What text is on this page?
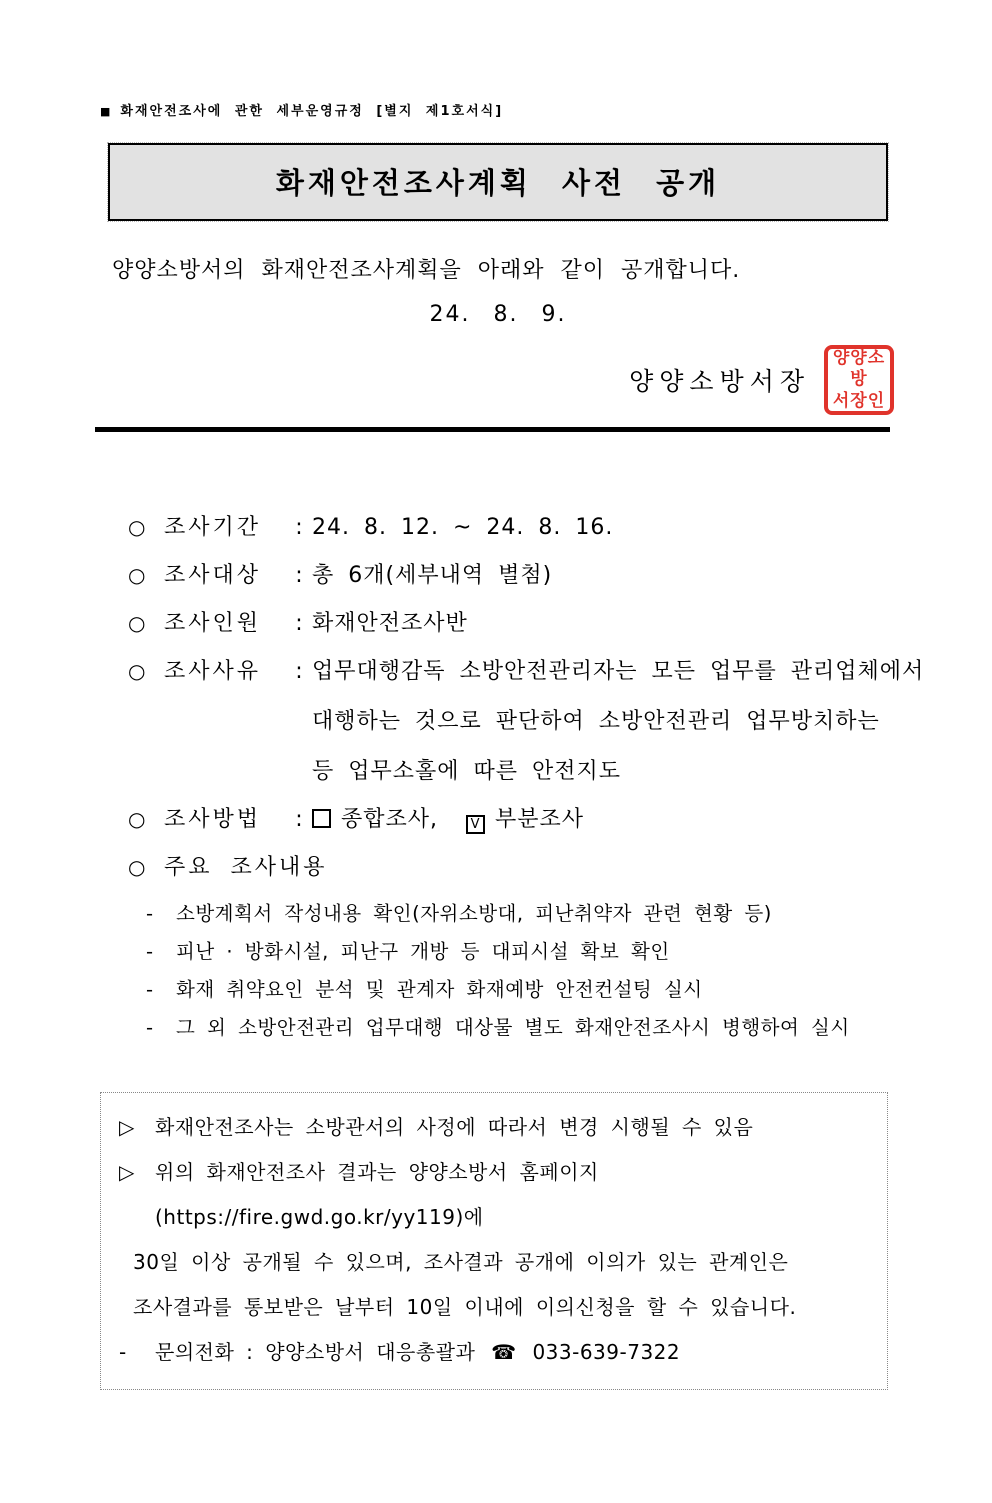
■ 화재안전조사에 관한 세부운영규정 [별지 제1호서식]
화재안전조사계획 사전 공개
양양소방서의 화재안전조사계획을 아래와 같이 공개합니다.
24. 8. 9.
양양소방서장
양양소방
서장인
○ 조사기간	: 24. 8. 12. ~ 24. 8. 16.
○ 조사대상	: 총 6개(세부내역 별첨)
○ 조사인원	: 화재안전조사반
○ 조사사유	: 업무대행감독 소방안전관리자는 모든 업무를 관리업체에서
대행하는 것으로 판단하여 소방안전관리 업무방치하는
등 업무소홀에 따른 안전지도
○ 조사방법	:	종합조사,	V 부분조사
○ 주요 조사내용
-	소방계획서 작성내용 확인(자위소방대, 피난취약자 관련 현황 등)
-	피난 · 방화시설, 피난구 개방 등 대피시설 확보 확인
-	화재 취약요인 분석 및 관계자 화재예방 안전컨설팅 실시
-	그 외 소방안전관리 업무대행 대상물 별도 화재안전조사시 병행하여 실시
▷	화재안전조사는 소방관서의 사정에 따라서 변경 시행될 수 있음
▷	위의 화재안전조사 결과는 양양소방서 홈페이지(https://fire.gwd.go.kr/yy119)에
30일 이상 공개될 수 있으며, 조사결과 공개에 이의가 있는 관계인은
조사결과를 통보받은 날부터 10일 이내에 이의신청을 할 수 있습니다.
-	문의전화 : 양양소방서 대응총괄과 ☎ 033-639-7322
